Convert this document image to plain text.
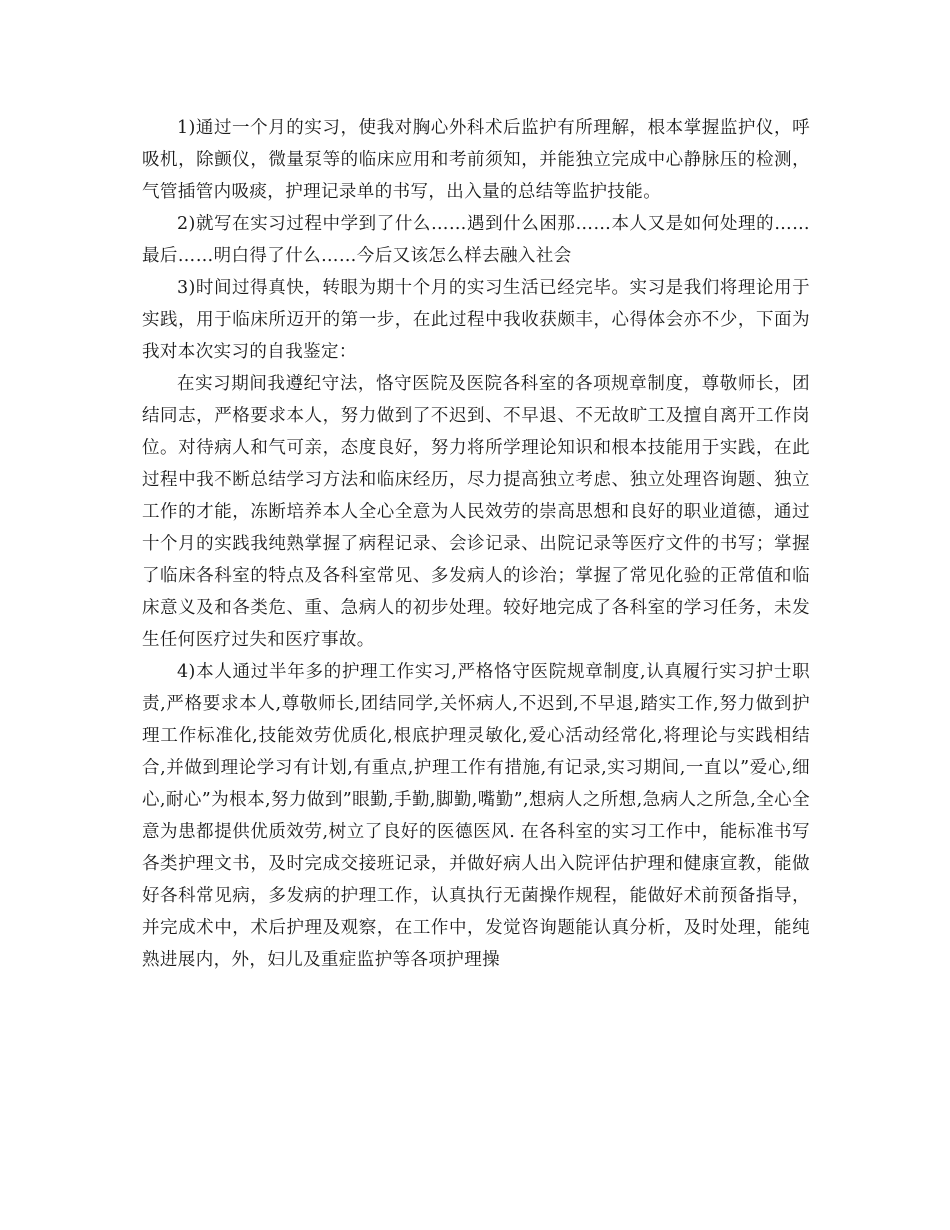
1)通过一个月的实习，使我对胸心外科术后监护有所理解，根本掌握监护仪，呼吸机，除颤仪，微量泵等的临床应用和考前须知，并能独立完成中心静脉压的检测，气管插管内吸痰，护理记录单的书写，出入量的总结等监护技能。

2)就写在实习过程中学到了什么……遇到什么困那……本人又是如何处理的……最后……明白得了什么……今后又该怎么样去融入社会

3)时间过得真快，转眼为期十个月的实习生活已经完毕。实习是我们将理论用于实践，用于临床所迈开的第一步，在此过程中我收获颇丰，心得体会亦不少，下面为我对本次实习的自我鉴定：

在实习期间我遵纪守法，恪守医院及医院各科室的各项规章制度，尊敬师长，团结同志，严格要求本人，努力做到了不迟到、不早退、不无故旷工及擅自离开工作岗位。对待病人和气可亲，态度良好，努力将所学理论知识和根本技能用于实践，在此过程中我不断总结学习方法和临床经历，尽力提高独立考虑、独立处理咨询题、独立工作的才能，冻断培养本人全心全意为人民效劳的崇高思想和良好的职业道德，通过十个月的实践我纯熟掌握了病程记录、会诊记录、出院记录等医疗文件的书写；掌握了临床各科室的特点及各科室常见、多发病人的诊治；掌握了常见化验的正常值和临床意义及和各类危、重、急病人的初步处理。较好地完成了各科室的学习任务，未发生任何医疗过失和医疗事故。

4)本人通过半年多的护理工作实习,严格恪守医院规章制度,认真履行实习护士职责,严格要求本人,尊敬师长,团结同学,关怀病人,不迟到,不早退,踏实工作,努力做到护理工作标准化,技能效劳优质化,根底护理灵敏化,爱心活动经常化,将理论与实践相结合,并做到理论学习有计划,有重点,护理工作有措施,有记录,实习期间,一直以”爱心,细心,耐心”为根本,努力做到”眼勤,手勤,脚勤,嘴勤”,想病人之所想,急病人之所急,全心全意为患都提供优质效劳,树立了良好的医德医风. 在各科室的实习工作中，能标准书写各类护理文书，及时完成交接班记录，并做好病人出入院评估护理和健康宣教，能做好各科常见病，多发病的护理工作，认真执行无菌操作规程，能做好术前预备指导，并完成术中，术后护理及观察，在工作中，发觉咨询题能认真分析，及时处理，能纯熟进展内，外，妇儿及重症监护等各项护理操
